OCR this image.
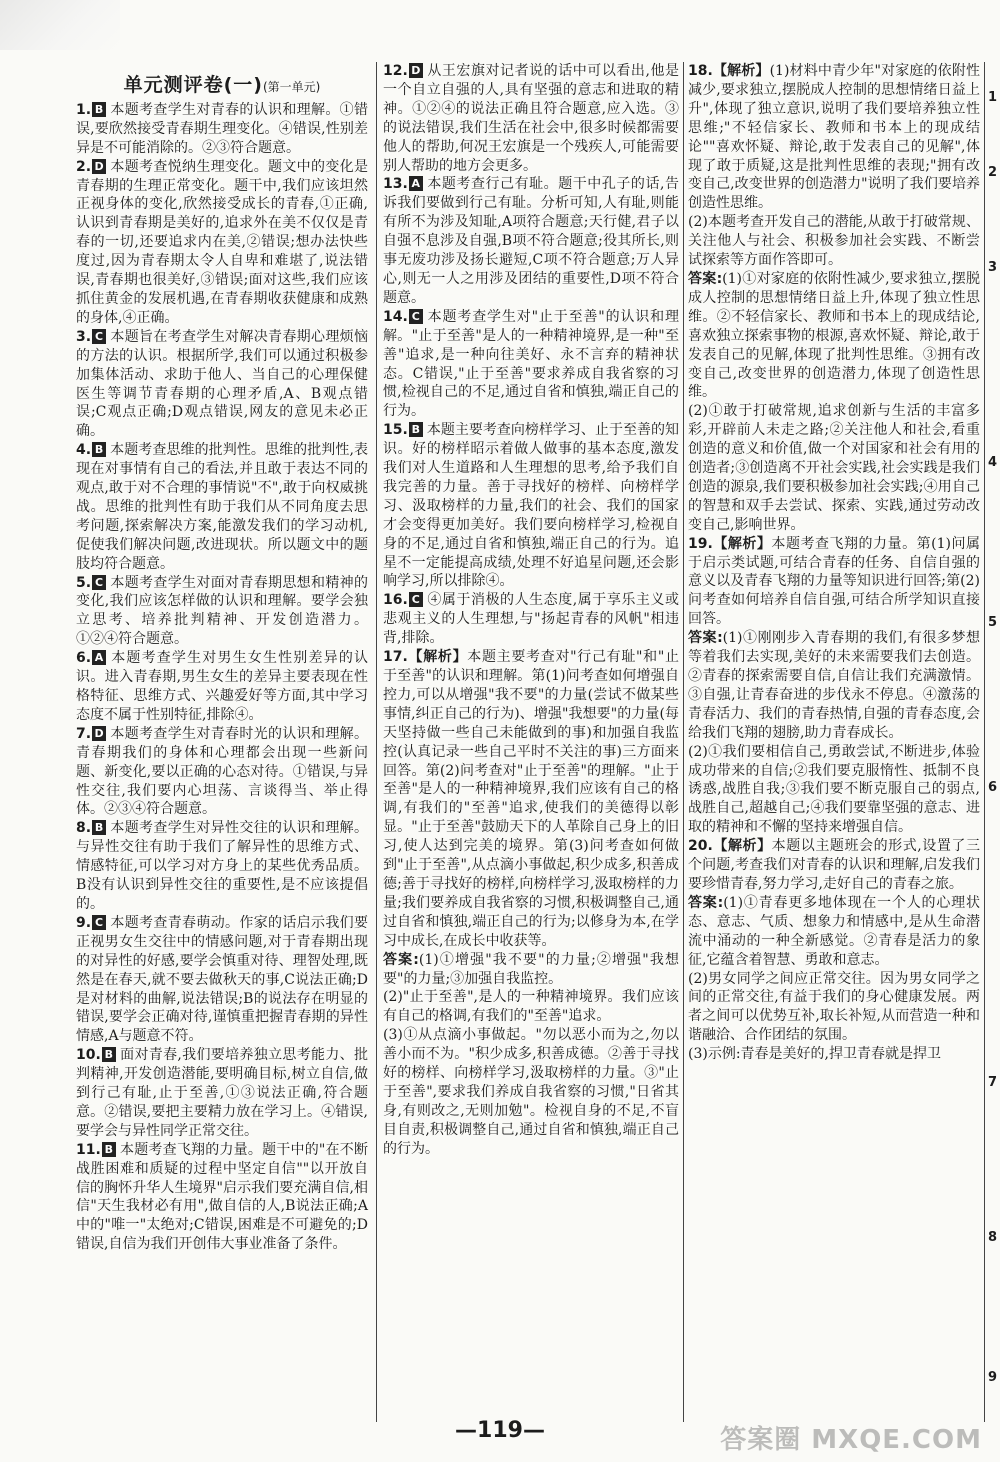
单元测评卷(一)(第一单元)

1. B 本题考查学生对青春的认识和理解。①错误,要欣然接受青春期生理变化。④错误,性别差异是不可能消除的。②③符合题意。

2. D 本题考查悦纳生理变化。题文中的变化是青春期的生理正常变化。题干中,我们应该坦然正视身体的变化,欣然接受成长的青春,①正确,认识到青春期是美好的,追求外在美不仅仅是青春的一切,还要追求内在美,②错误;想办法快些度过,因为青春期太令人自卑和难堪了,说法错误,青春期也很美好,③错误;面对这些,我们应该抓住黄金的发展机遇,在青春期收获健康和成熟的身体,④正确。

3. C 本题旨在考查学生对解决青春期心理烦恼的方法的认识。根据所学,我们可以通过积极参加集体活动、求助于他人、当自己的心理保健医生等调节青春期的心理矛盾,A、B观点错误;C观点正确;D观点错误,网友的意见未必正确。

4. B 本题考查思维的批判性。思维的批判性,表现在对事情有自己的看法,并且敢于表达不同的观点,敢于对不合理的事情说"不",敢于向权威挑战。思维的批判性有助于我们从不同角度去思考问题,探索解决方案,能激发我们的学习动机,促使我们解决问题,改进现状。所以题文中的题肢均符合题意。

5. C 本题考查学生对面对青春期思想和精神的变化,我们应该怎样做的认识和理解。要学会独立思考、培养批判精神、开发创造潜力。①②④符合题意。

6. A 本题考查学生对男生女生性别差异的认识。进入青春期,男生女生的差异主要表现在性格特征、思维方式、兴趣爱好等方面,其中学习态度不属于性别特征,排除④。

7. D 本题考查学生对青春时光的认识和理解。青春期我们的身体和心理都会出现一些新问题、新变化,要以正确的心态对待。①错误,与异性交往,我们要内心坦荡、言谈得当、举止得体。②③④符合题意。

8. B 本题考查学生对异性交往的认识和理解。与异性交往有助于我们了解异性的思维方式、情感特征,可以学习对方身上的某些优秀品质。B没有认识到异性交往的重要性,是不应该提倡的。

9. C 本题考查青春萌动。作家的话启示我们要正视男女生交往中的情感问题,对于青春期出现的对异性的好感,要学会慎重对待、理智处理,既然是在春天,就不要去做秋天的事,C说法正确;D是对材料的曲解,说法错误;B的说法存在明显的错误,要学会正确对待,谨慎重把握青春期的异性情感,A与题意不符。

10. B 面对青春,我们要培养独立思考能力、批判精神,开发创造潜能,要明确目标,树立自信,做到行己有耻,止于至善,①③说法正确,符合题意。②错误,要把主要精力放在学习上。④错误,要学会与异性同学正常交往。

11. B 本题考查飞翔的力量。题干中的"在不断战胜困难和质疑的过程中坚定自信""以开放自信的胸怀升华人生境界"启示我们要充满自信,相信"天生我材必有用",做自信的人,B说法正确;A中的"唯一"太绝对;C错误,困难是不可避免的;D错误,自信为我们开创伟大事业准备了条件。

12. D 从王宏旗对记者说的话中可以看出,他是一个自立自强的人,具有坚强的意志和进取的精神。①②④的说法正确且符合题意,应入选。③的说法错误,我们生活在社会中,很多时候都需要他人的帮助,何况王宏旗是一个残疾人,可能需要别人帮助的地方会更多。

13. A 本题考查行己有耻。题干中孔子的话,告诉我们要做到行己有耻。分析可知,人有耻,则能有所不为涉及知耻,A项符合题意;天行健,君子以自强不息涉及自强,B项不符合题意;役其所长,则事无废功涉及扬长避短,C项不符合题意;万人异心,则无一人之用涉及团结的重要性,D项不符合题意。

14. C 本题考查学生对"止于至善"的认识和理解。"止于至善"是人的一种精神境界,是一种"至善"追求,是一种向往美好、永不言弃的精神状态。C错误,"止于至善"要求养成自我省察的习惯,检视自己的不足,通过自省和慎独,端正自己的行为。

15. B 本题主要考查向榜样学习、止于至善的知识。好的榜样昭示着做人做事的基本态度,激发我们对人生道路和人生理想的思考,给予我们自我完善的力量。善于寻找好的榜样、向榜样学习、汲取榜样的力量,我们的社会、我们的国家才会变得更加美好。我们要向榜样学习,检视自身的不足,通过自省和慎独,端正自己的行为。追星不一定能提高成绩,处理不好追星问题,还会影响学习,所以排除④。

16. C ④属于消极的人生态度,属于享乐主义或悲观主义的人生理想,与"扬起青春的风帆"相违背,排除。

17.【解析】本题主要考查对"行己有耻"和"止于至善"的认识和理解。第(1)问考查如何增强自控力,可以从增强"我不要"的力量(尝试不做某些事情,纠正自己的行为)、增强"我想要"的力量(每天坚持做一些自己未能做到的事)和加强自我监控(认真记录一些自己平时不关注的事)三方面来回答。第(2)问考查对"止于至善"的理解。"止于至善"是人的一种精神境界,我们应该有自己的格调,有我们的"至善"追求,使我们的美德得以彰显。"止于至善"鼓励天下的人革除自己身上的旧习,使人达到完美的境界。第(3)问考查如何做到"止于至善",从点滴小事做起,积少成多,积善成德;善于寻找好的榜样,向榜样学习,汲取榜样的力量;我们要养成自我省察的习惯,积极调整自己,通过自省和慎独,端正自己的行为;以修身为本,在学习中成长,在成长中收获等。

答案:(1)①增强"我不要"的力量;②增强"我想要"的力量;③加强自我监控。

(2)"止于至善",是人的一种精神境界。我们应该有自己的格调,有我们的"至善"追求。

(3)①从点滴小事做起。"勿以恶小而为之,勿以善小而不为。"积少成多,积善成德。②善于寻找好的榜样、向榜样学习,汲取榜样的力量。③"止于至善",要求我们养成自我省察的习惯,"日省其身,有则改之,无则加勉"。检视自身的不足,不盲目自责,积极调整自己,通过自省和慎独,端正自己的行为。

18.【解析】(1)材料中青少年"对家庭的依附性减少,要求独立,摆脱成人控制的思想情绪日益上升",体现了独立意识,说明了我们要培养独立性思维;"不轻信家长、教师和书本上的现成结论""喜欢怀疑、辩论,敢于发表自己的见解",体现了敢于质疑,这是批判性思维的表现;"拥有改变自己,改变世界的创造潜力"说明了我们要培养创造性思维。

(2)本题考查开发自己的潜能,从敢于打破常规、关注他人与社会、积极参加社会实践、不断尝试探索等方面作答即可。

答案:(1)①对家庭的依附性减少,要求独立,摆脱成人控制的思想情绪日益上升,体现了独立性思维。②不轻信家长、教师和书本上的现成结论,喜欢独立探索事物的根源,喜欢怀疑、辩论,敢于发表自己的见解,体现了批判性思维。③拥有改变自己,改变世界的创造潜力,体现了创造性思维。

(2)①敢于打破常规,追求创新与生活的丰富多彩,开辟前人未走之路;②关注他人和社会,看重创造的意义和价值,做一个对国家和社会有用的创造者;③创造离不开社会实践,社会实践是我们创造的源泉,我们要积极参加社会实践;④用自己的智慧和双手去尝试、探索、实践,通过劳动改变自己,影响世界。

19.【解析】本题考查飞翔的力量。第(1)问属于启示类试题,可结合青春的任务、自信自强的意义以及青春飞翔的力量等知识进行回答;第(2)问考查如何培养自信自强,可结合所学知识直接回答。

答案:(1)①刚刚步入青春期的我们,有很多梦想等着我们去实现,美好的未来需要我们去创造。②青春的探索需要自信,自信让我们充满激情。③自强,让青春奋进的步伐永不停息。④激荡的青春活力、我们的青春热情,自强的青春态度,会给我们飞翔的翅膀,助力青春成长。

(2)①我们要相信自己,勇敢尝试,不断进步,体验成功带来的自信;②我们要克服惰性、抵制不良诱惑,战胜自我;③我们要不断克服自己的弱点,战胜自己,超越自己;④我们要靠坚强的意志、进取的精神和不懈的坚持来增强自信。

20.【解析】本题以主题班会的形式,设置了三个问题,考查我们对青春的认识和理解,启发我们要珍惜青春,努力学习,走好自己的青春之旅。

答案:(1)①青春更多地体现在一个人的心理状态、意志、气质、想象力和情感中,是从生命潜流中涌动的一种全新感觉。②青春是活力的象征,它蕴含着智慧、勇敢和意志。

(2)男女同学之间应正常交往。因为男女同学之间的正常交往,有益于我们的身心健康发展。两者之间可以优势互补,取长补短,从而营造一种和谐融洽、合作团结的氛围。

(3)示例:青春是美好的,捍卫青春就是捍卫

—119—	答案圈 MXQE.COM
1
2
3
4
5
6
7
8
9
